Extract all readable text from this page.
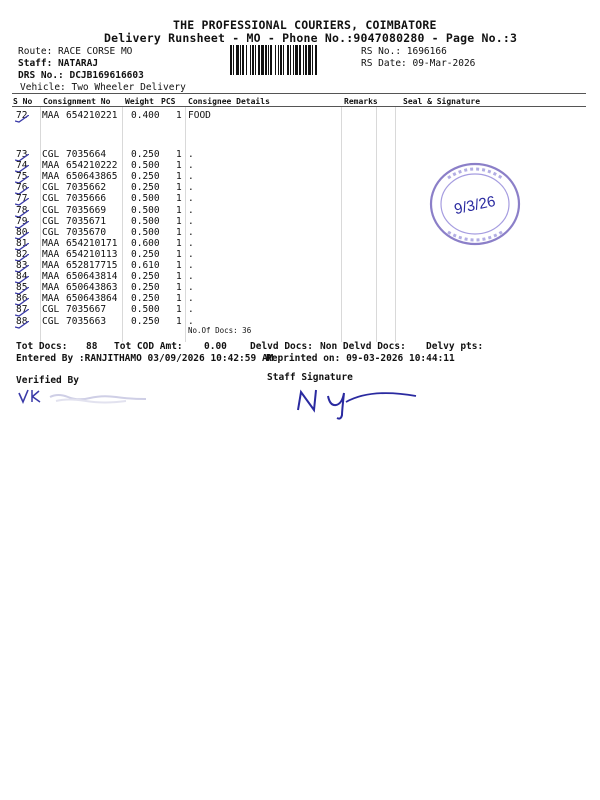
THE PROFESSIONAL COURIERS, COIMBATORE
Delivery Runsheet - MO - Phone No.:9047080280 - Page No.:3
Route: RACE CORSE MO
Staff: NATARAJ
DRS No.: DCJB169616603
Vehicle: Two Wheeler Delivery
RS No.: 1696166
RS Date: 09-Mar-2026
S No Consignment No Weight PCS Consignee Details	Remarks	Seal & Signature
72 MAA 654210221 0.400 1 FOOD
73 CGL 7035664	0.250 1 .
74 MAA 654210222 0.500 1 .
75 MAA 650643865 0.250 1 .
76 CGL 7035662	0.250 1 .
77 CGL 7035666	0.500 1 .
78 CGL 7035669	0.500 1 .
79 CGL 7035671	0.500 1 .
80 CGL 7035670	0.500 1 .
81 MAA 654210171 0.600 1 .
82 MAA 654210113 0.250 1 .
83 MAA 652817715 0.610 1 .
84 MAA 650643814 0.250 1 .
85 MAA 650643863 0.250 1 .
86 MAA 650643864 0.250 1 .
87 CGL 7035667	0.500 1 .
88 CGL 7035663	0.250 1 .
No.Of Docs: 36
Tot Docs: 88 Tot COD Amt: 0.00 Delvd Docs: Non Delvd Docs: Delvy pts:
Entered By :RANJITHAMO 03/09/2026 10:42:59 AM
Reprinted on: 09-03-2026 10:44:11
Verified By	Staff Signature
9/3/26
